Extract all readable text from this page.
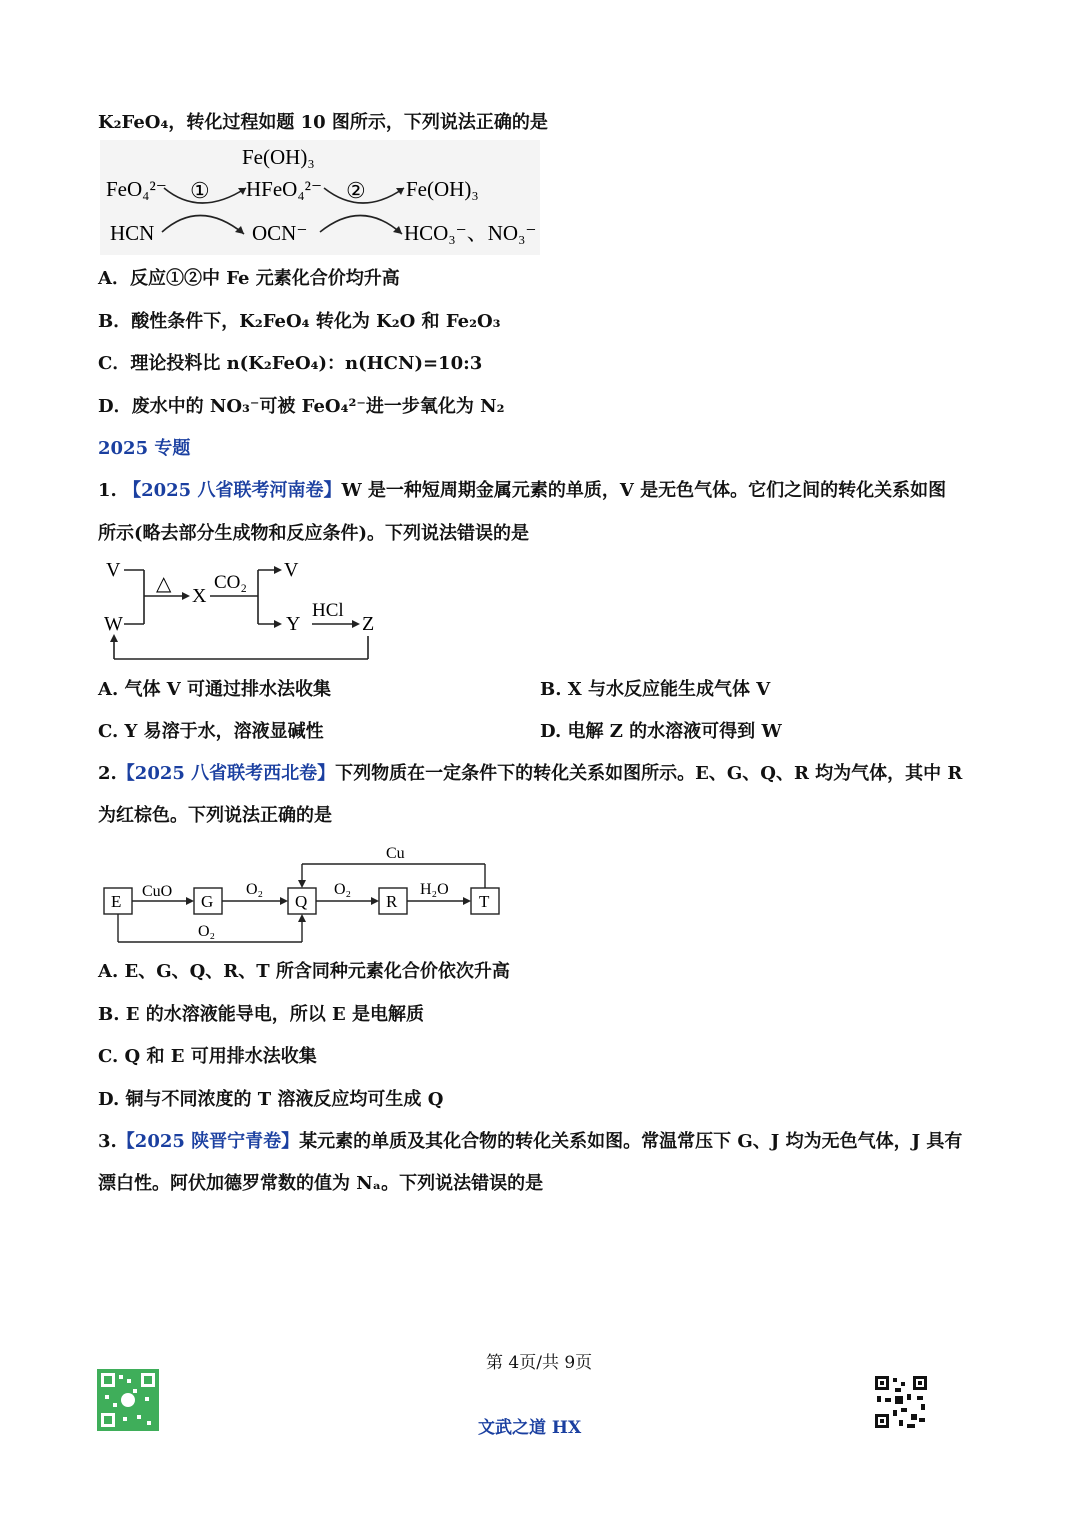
K₂FeO₄，转化过程如题 10 图所示，下列说法正确的是
Fe(OH)₃
FeO₄²⁻ ① HFeO₄²⁻ ② Fe(OH)₃
HCN	OCN⁻	HCO₃⁻、NO₃⁻
A．反应①②中 Fe 元素化合价均升高
B．酸性条件下，K₂FeO₄ 转化为 K₂O 和 Fe₂O₃
C．理论投料比 n(K₂FeO₄)：n(HCN)=10:3
D．废水中的 NO₃⁻可被 FeO₄²⁻进一步氧化为 N₂
2025 专题
1. 【2025 八省联考河南卷】W 是一种短周期金属元素的单质，V 是无色气体。它们之间的转化关系如图
所示(略去部分生成物和反应条件)。下列说法错误的是
V
W
△
X
CO₂
V
Y
HCl
Z
A. 气体 V 可通过排水法收集	B. X 与水反应能生成气体 V
C. Y 易溶于水，溶液显碱性	D. 电解 Z 的水溶液可得到 W
2.【2025 八省联考西北卷】下列物质在一定条件下的转化关系如图所示。E、G、Q、R 均为气体，其中 R
为红棕色。下列说法正确的是
E	G	Q	R	T
CuO	O₂	O₂	H₂O
Cu
O₂
A. E、G、Q、R、T 所含同种元素化合价依次升高
B. E 的水溶液能导电，所以 E 是电解质
C. Q 和 E 可用排水法收集
D. 铜与不同浓度的 T 溶液反应均可生成 Q
3.【2025 陕晋宁青卷】某元素的单质及其化合物的转化关系如图。常温常压下 G、J 均为无色气体，J 具有
漂白性。阿伏加德罗常数的值为 Nₐ。下列说法错误的是
第 4页/共 9页
文武之道 HX
